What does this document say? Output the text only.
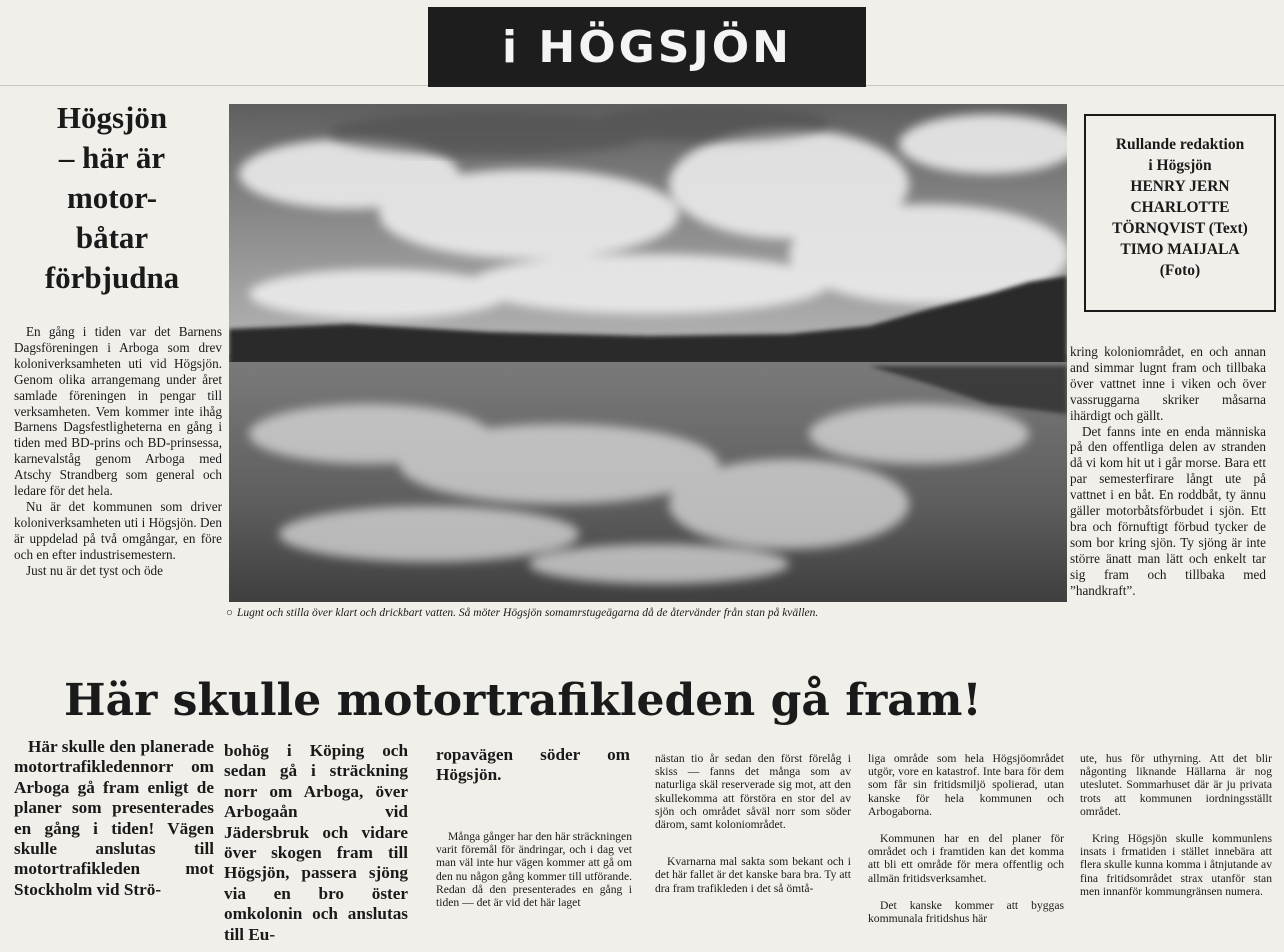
i HÖGSJÖN
Högsjön
– här är
motor-
båtar
förbjudna

En gång i tiden var det Barnens Dagsföreningen i Arboga som drev koloniverksamheten uti vid Högsjön. Genom olika arrangemang under året samlade föreningen in pengar till verksamheten. Vem kommer inte ihåg Barnens Dagsfestligheterna en gång i tiden med BD-prins och BD-prinsessa, karnevalståg genom Arboga med Atschy Strandberg som general och ledare för det hela.

Nu är det kommunen som driver koloniverksamheten uti i Högsjön. Den är uppdelad på två omgångar, en före och en efter industrisemestern.

Just nu är det tyst och öde

○ Lugnt och stilla över klart och drickbart vatten. Så möter Högsjön somamrstugeägarna då de återvänder från stan på kvällen.
Rullande redaktion
i Högsjön
HENRY JERN
CHARLOTTE
TÖRNQVIST (Text)
TIMO MAIJALA
(Foto)

kring koloniområdet, en och annan and simmar lugnt fram och tillbaka över vattnet inne i viken och över vassruggarna skriker måsarna ihärdigt och gällt.

Det fanns inte en enda människa på den offentliga delen av stranden då vi kom hit ut i går morse. Bara ett par semesterfirare långt ute på vattnet i en båt. En roddbåt, ty ännu gäller motorbåtsförbudet i sjön. Ett bra och förnuftigt förbud tycker de som bor kring sjön. Ty sjöng är inte större änatt man lätt och enkelt tar sig fram och tillbaka med ”handkraft”.

Här skulle motortrafikleden gå fram!

Här skulle den planerade motortrafikledennorr om Arboga gå fram enligt de planer som presenterades en gång i tiden! Vägen skulle anslutas till motortrafikleden mot Stockholm vid Strö-

bohög i Köping och sedan gå i sträckning norr om Arboga, över Arbogaån vid Jädersbruk och vidare över skogen fram till Högsjön, passera sjöng via en bro öster omkolonin och anslutas till Eu-

ropavägen söder om Högsjön.

Många gånger har den här sträckningen varit föremål för ändringar, och i dag vet man väl inte hur vägen kommer att gå om den nu någon gång kommer till utförande. Redan då den presenterades en gång i tiden — det är vid det här laget

nästan tio år sedan den först förelåg i skiss — fanns det många som av naturliga skäl reserverade sig mot, att den skullekomma att förstöra en stor del av sjön och området såväl norr som söder därom, samt koloniområdet.

Kvarnarna mal sakta som bekant och i det här fallet är det kanske bara bra. Ty att dra fram trafikleden i det så ömtå-

liga område som hela Högsjöområdet utgör, vore en katastrof. Inte bara för dem som får sin fritidsmiljö spolierad, utan kanske för hela kommunen och Arbogaborna.

Kommunen har en del planer för området och i framtiden kan det komma att bli ett område för mera offentlig och allmän fritidsverksamhet.

Det kanske kommer att byggas kommunala fritidshus här

ute, hus för uthyrning. Att det blir någonting liknande Hällarna är nog uteslutet. Sommarhuset där är ju privata trots att kommunen iordningsställt området.

Kring Högsjön skulle kommunlens insats i frmatiden i stället innebära att flera skulle kunna komma i åtnjutande av fina fritidsområdet strax utanför stan men innanför kommungränsen numera.
